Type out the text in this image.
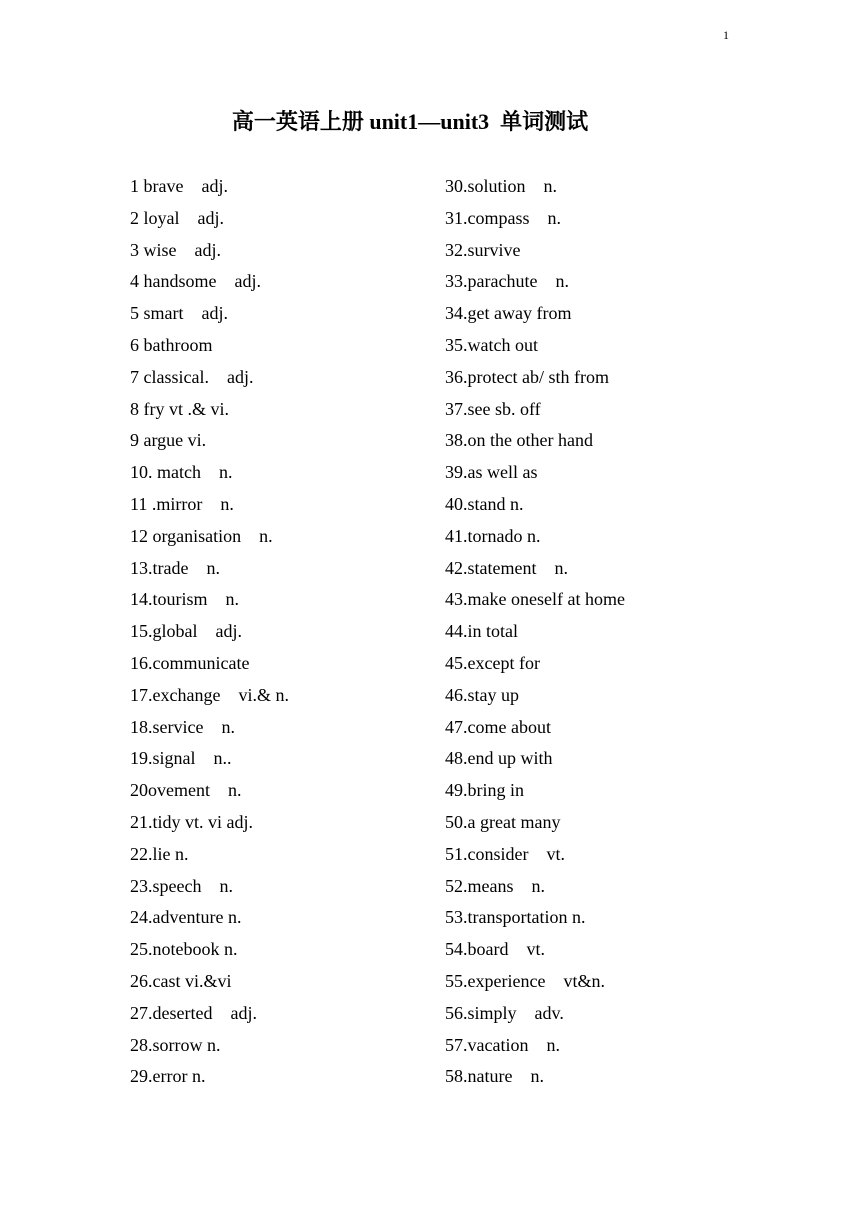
1
高一英语上册 unit1—unit3  单词测试
1 brave    adj.
2 loyal    adj.
3 wise    adj.
4 handsome    adj.
5 smart    adj.
6 bathroom
7 classical.    adj.
8 fry vt .& vi.
9 argue vi.
10. match    n.
11 .mirror    n.
12 organisation    n.
13.trade    n.
14.tourism    n.
15.global    adj.
16.communicate
17.exchange    vi.& n.
18.service    n.
19.signal    n..
20ovement    n.
21.tidy vt. vi adj.
22.lie n.
23.speech    n.
24.adventure n.
25.notebook n.
26.cast vi.&vi
27.deserted    adj.
28.sorrow n.
29.error n.
30.solution    n.
31.compass    n.
32.survive
33.parachute    n.
34.get away from
35.watch out
36.protect ab/ sth from
37.see sb. off
38.on the other hand
39.as well as
40.stand n.
41.tornado n.
42.statement    n.
43.make oneself at home
44.in total
45.except for
46.stay up
47.come about
48.end up with
49.bring in
50.a great many
51.consider    vt.
52.means    n.
53.transportation n.
54.board    vt.
55.experience    vt&n.
56.simply    adv.
57.vacation    n.
58.nature    n.
